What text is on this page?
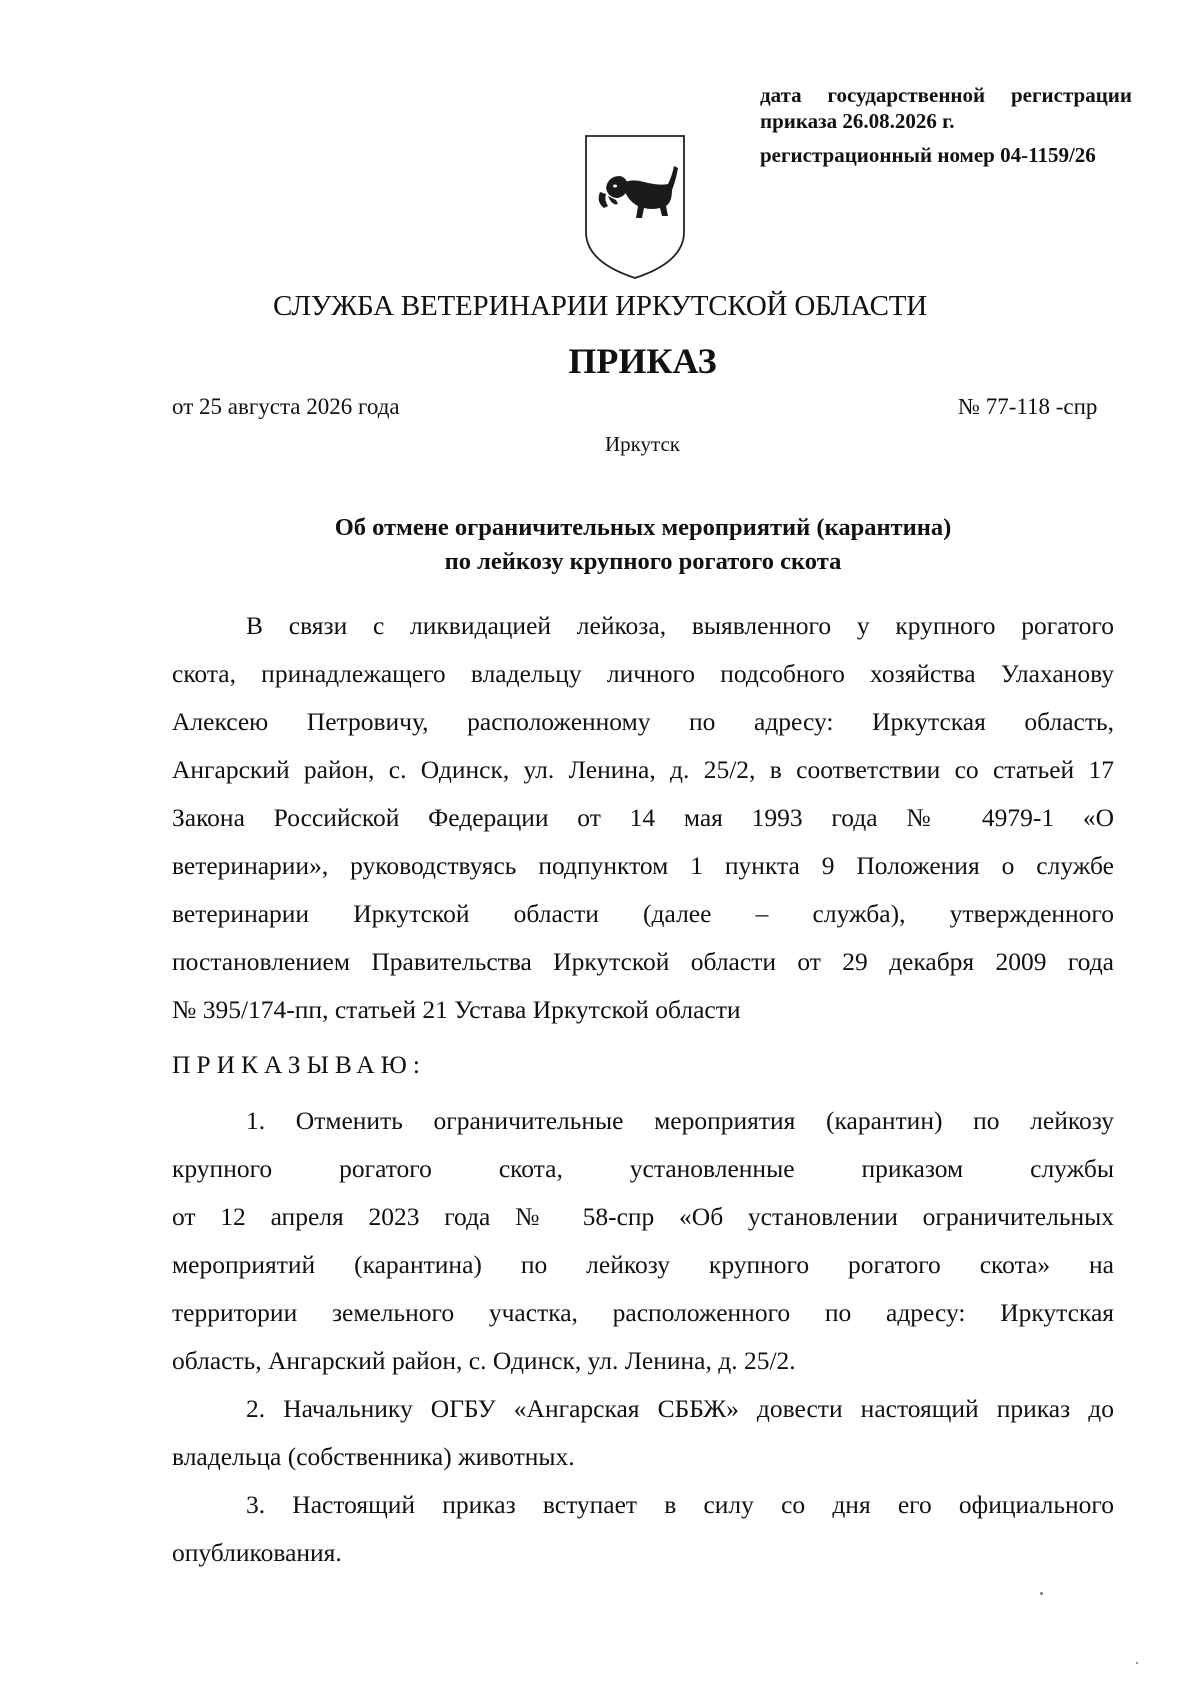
дата государственной регистрации
приказа 26.08.2026 г.
регистрационный номер 04-1159/26
СЛУЖБА ВЕТЕРИНАРИИ ИРКУТСКОЙ ОБЛАСТИ
ПРИКАЗ
от 25 августа 2026 года	№ 77-118 -спр
Иркутск
Об отмене ограничительных мероприятий (карантина)
по лейкозу крупного рогатого скота
В связи с ликвидацией лейкоза, выявленного у крупного рогатого
скота, принадлежащего владельцу личного подсобного хозяйства Улаханову
Алексею Петровичу, расположенному по адресу: Иркутская область,
Ангарский район, с. Одинск, ул. Ленина, д. 25/2, в соответствии со статьей 17
Закона Российской Федерации от 14 мая 1993 года № 4979-1 «О
ветеринарии», руководствуясь подпунктом 1 пункта 9 Положения о службе
ветеринарии Иркутской области (далее – служба), утвержденного
постановлением Правительства Иркутской области от 29 декабря 2009 года
№ 395/174-пп, статьей 21 Устава Иркутской области
ПРИКАЗЫВАЮ:
1. Отменить ограничительные мероприятия (карантин) по лейкозу
крупного рогатого скота, установленные приказом службы
от 12 апреля 2023 года № 58-спр «Об установлении ограничительных
мероприятий (карантина) по лейкозу крупного рогатого скота» на
территории земельного участка, расположенного по адресу: Иркутская
область, Ангарский район, с. Одинск, ул. Ленина, д. 25/2.
2. Начальнику ОГБУ «Ангарская СББЖ» довести настоящий приказ до
владельца (собственника) животных.
3. Настоящий приказ вступает в силу со дня его официального
опубликования.
